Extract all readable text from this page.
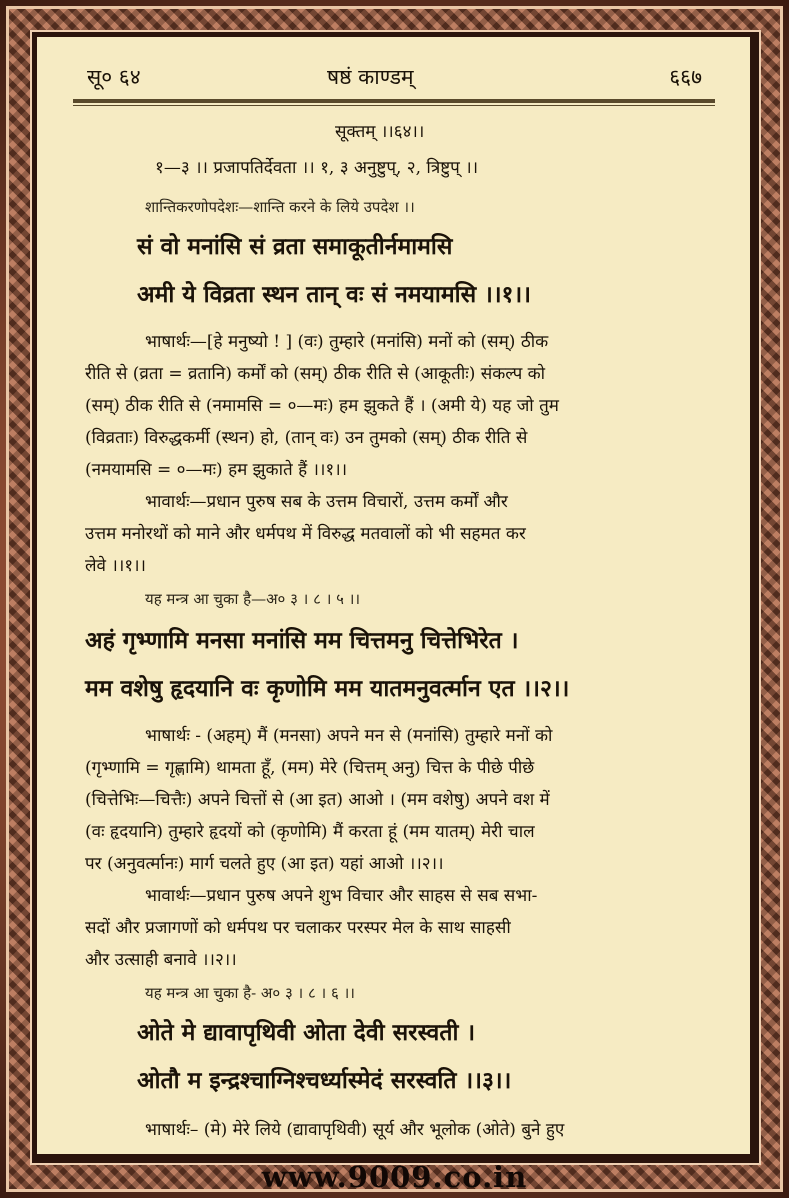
सू० ६४	षष्ठं काण्डम्	६६७
सूक्तम् ।।६४।।
१—३ ।। प्रजापतिर्देवता ।। १, ३ अनुष्टुप्, २, त्रिष्टुप् ।।
शान्तिकरणोपदेशः—शान्ति करने के लिये उपदेश ।।
सं वो मनांसि सं व्रता समाकूतीर्नमामसि
अमी ये विव्रता स्थन तान् वः सं नमयामसि ।।१।।
भाषार्थः—[हे मनुष्यो ! ] (वः) तुम्हारे (मनांसि) मनों को (सम्) ठीक
रीति से (व्रता = व्रतानि) कर्मों को (सम्) ठीक रीति से (आकूतीः) संकल्प को
(सम्) ठीक रीति से (नमामसि = ०—मः) हम झुकते हैं । (अमी ये) यह जो तुम
(विव्रताः) विरुद्धकर्मी (स्थन) हो, (तान् वः) उन तुमको (सम्) ठीक रीति से
(नमयामसि = ०—मः) हम झुकाते हैं ।।१।।
भावार्थः—प्रधान पुरुष सब के उत्तम विचारों, उत्तम कर्मों और
उत्तम मनोरथों को माने और धर्मपथ में विरुद्ध मतवालों को भी सहमत कर
लेवे ।।१।।
यह मन्त्र आ चुका है—अ० ३ । ८ । ५ ।।
अहं गृभ्णामि मनसा मनांसि मम चित्तमनु चित्तेभिरेत ।
मम वशेषु हृदयानि वः कृणोमि मम यातमनुवर्त्मान एत ।।२।।
भाषार्थः - (अहम्) मैं (मनसा) अपने मन से (मनांसि) तुम्हारे मनों को
(गृभ्णामि = गृह्णामि) थामता हूँ, (मम) मेरे (चित्तम् अनु) चित्त के पीछे पीछे
(चित्तेभिः—चित्तैः) अपने चित्तों से (आ इत) आओ । (मम वशेषु) अपने वश में
(वः हृदयानि) तुम्हारे हृदयों को (कृणोमि) मैं करता हूं (मम यातम्) मेरी चाल
पर (अनुवर्त्मानः) मार्ग चलते हुए (आ इत) यहां आओ ।।२।।
भावार्थः—प्रधान पुरुष अपने शुभ विचार और साहस से सब सभा-
सदों और प्रजागणों को धर्मपथ पर चलाकर परस्पर मेल के साथ साहसी
और उत्साही बनावे ।।२।।
यह मन्त्र आ चुका है- अ० ३ । ८ । ६ ।।
ओते मे द्यावापृथिवी ओता देवी सरस्वती ।
ओतौ म इन्द्रश्चाग्निश्चर्ध्यास्मेदं सरस्वति ।।३।।
भाषार्थः– (मे) मेरे लिये (द्यावापृथिवी) सूर्य और भूलोक (ओते) बुने हुए
www.9009.co.in
